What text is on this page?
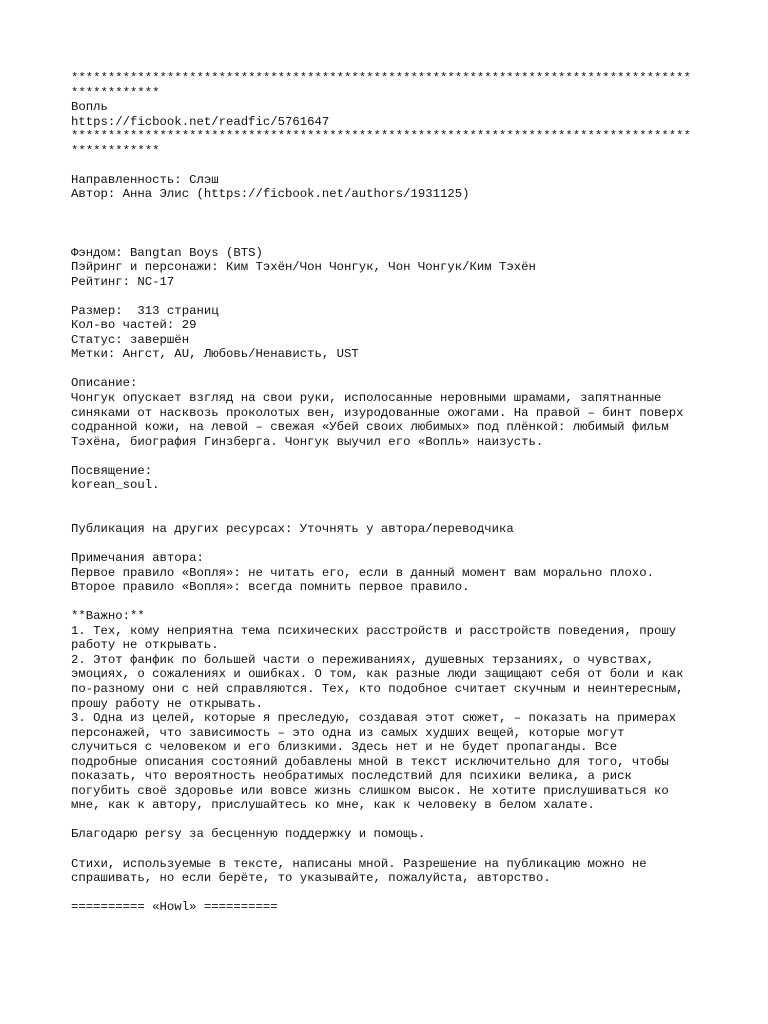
************************************************************************************
************
Вопль
https://ficbook.net/readfic/5761647
************************************************************************************
************
Направленность: Слэш
Автор: Анна Элис (https://ficbook.net/authors/1931125)
Фэндом: Bangtan Boys (BTS)
Пэйринг и персонажи: Ким Тэхён/Чон Чонгук, Чон Чонгук/Ким Тэхён
Рейтинг: NC-17
Размер:  313 страниц
Кол-во частей: 29
Статус: завершён
Метки: Ангст, AU, Любовь/Ненависть, UST
Описание:
Чонгук опускает взгляд на свои руки, исполосанные неровными шрамами, запятнанные
синяками от насквозь проколотых вен, изуродованные ожогами. На правой – бинт поверх
содранной кожи, на левой – свежая «Убей своих любимых» под плёнкой: любимый фильм
Тэхёна, биография Гинзберга. Чонгук выучил его «Вопль» наизусть.
Посвящение:
korean_soul.
Публикация на других ресурсах: Уточнять у автора/переводчика
Примечания автора:
Первое правило «Вопля»: не читать его, если в данный момент вам морально плохо.
Второе правило «Вопля»: всегда помнить первое правило.
**Важно:**
1. Тех, кому неприятна тема психических расстройств и расстройств поведения, прошу
работу не открывать.
2. Этот фанфик по большей части о переживаниях, душевных терзаниях, о чувствах,
эмоциях, о сожалениях и ошибках. О том, как разные люди защищают себя от боли и как
по-разному они с ней справляются. Тех, кто подобное считает скучным и неинтересным,
прошу работу не открывать.
3. Одна из целей, которые я преследую, создавая этот сюжет, – показать на примерах
персонажей, что зависимость – это одна из самых худших вещей, которые могут
случиться с человеком и его близкими. Здесь нет и не будет пропаганды. Все
подробные описания состояний добавлены мной в текст исключительно для того, чтобы
показать, что вероятность необратимых последствий для психики велика, а риск
погубить своё здоровье или вовсе жизнь слишком высок. Не хотите прислушиваться ко
мне, как к автору, прислушайтесь ко мне, как к человеку в белом халате.
Благодарю persy за бесценную поддержку и помощь.
Стихи, используемые в тексте, написаны мной. Разрешение на публикацию можно не
спрашивать, но если берёте, то указывайте, пожалуйста, авторство.
========== «Howl» ==========
